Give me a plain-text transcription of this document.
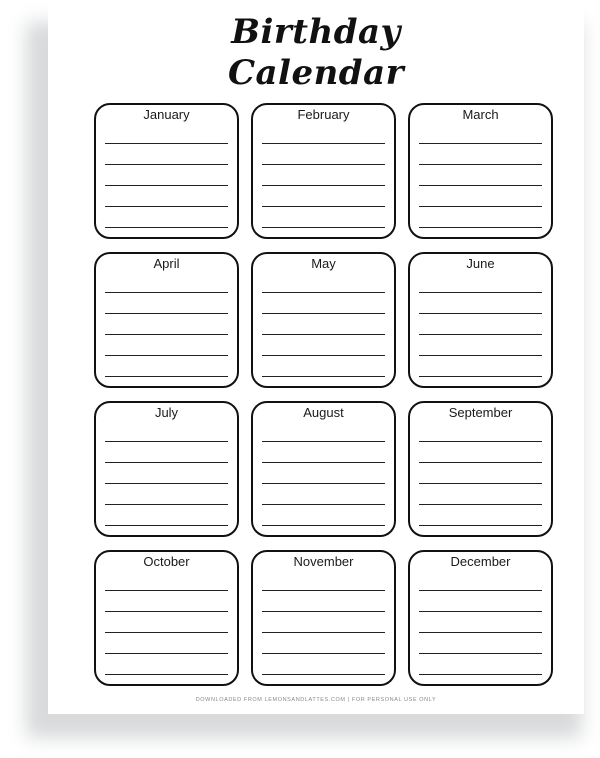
Birthday
Calendar
January	February	March
April	May	June
July	August	September
October	November	December
DOWNLOADED FROM LEMONSANDLATTES.COM | FOR PERSONAL USE ONLY
